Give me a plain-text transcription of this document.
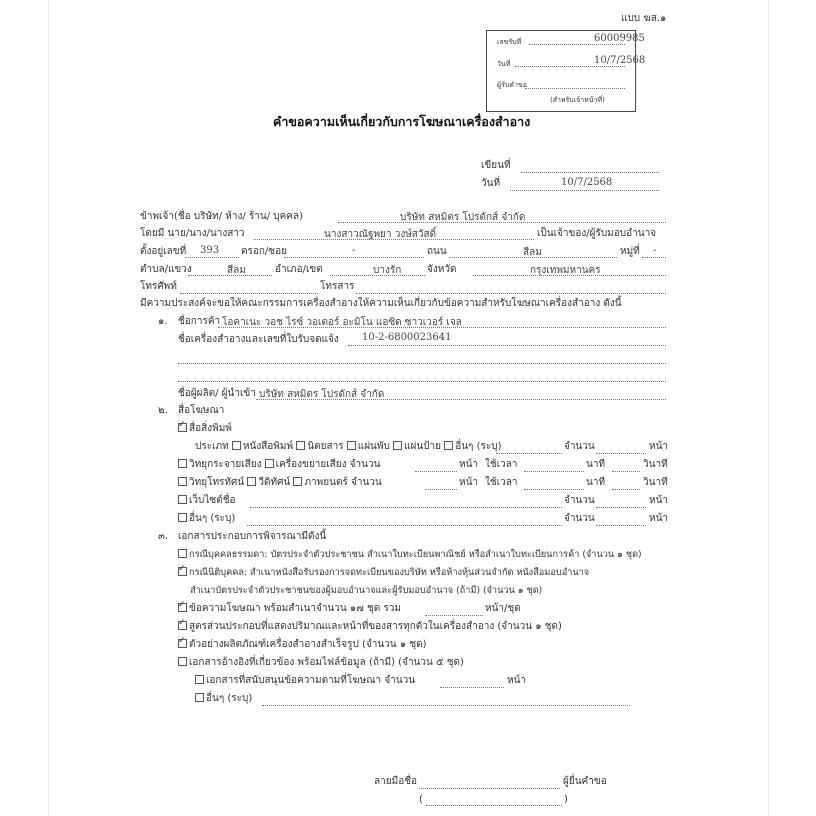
แบบ ฆส.๑
เลขรับที่	60009985
วันที่	10/7/2568
ผู้รับคำขอ
(สำหรับเจ้าหน้าที่)
คำขอความเห็นเกี่ยวกับการโฆษณาเครื่องสำอาง
เขียนที่
วันที่	10/7/2568
ข้าพเจ้า(ชื่อ บริษัท/ ห้าง/ ร้าน/ บุคคล)	บริษัท สหมิตร โปรดักส์ จำกัด
โดยมี นาย/นาง/นางสาว	นางสาวณัฐพยา วงษ์สวัสดิ์	เป็นเจ้าของ/ผู้รับมอบอำนาจ
ตั้งอยู่เลขที่ 393 ตรอก/ซอย	-	ถนน	สีลม	หมู่ที่ -
ตำบล/แขวง	สีลม	อำเภอ/เขต	บางรัก	จังหวัด	กรุงเทพมหานคร
โทรศัพท์	โทรสาร
มีความประสงค์จะขอให้คณะกรรมการเครื่องสำอางให้ความเห็นเกี่ยวกับข้อความสำหรับโฆษณาเครื่องสำอาง ดังนี้
๑. ชื่อการค้า โอคาเนะ วอช ไรซ์ วอเตอร์ อะมิโน แอซิด ซาวเวอร์ เจล
ชื่อเครื่องสำอางและเลขที่ใบรับจดแจ้ง 10-2-6800023641
ชื่อผู้ผลิต/ ผู้นำเข้า บริษัท สหมิตร โปรดักส์ จำกัด
๒. สื่อโฆษณา
✓สื่อสิ่งพิมพ์
ประเภท หนังสือพิมพ์ นิตยสาร แผ่นพับ แผ่นป้าย อื่นๆ (ระบุ)	จำนวน	หน้า
วิทยุกระจายเสียง เครื่องขยายเสียง จำนวน	หน้า ใช้เวลา	นาที	วินาที
วิทยุโทรทัศน์ วีดิทัศน์ ภาพยนตร์ จำนวน	หน้า ใช้เวลา	นาที	วินาที
เว็บไซต์ชื่อ	จำนวน	หน้า
อื่นๆ (ระบุ)	จำนวน	หน้า
๓. เอกสารประกอบการพิจารณามีดังนี้
กรณีบุคคลธรรมดา: บัตรประจำตัวประชาชน สำเนาใบทะเบียนพาณิชย์ หรือสำเนาใบทะเบียนการค้า (จำนวน ๑ ชุด)
✓กรณีนิติบุคคล: สำเนาหนังสือรับรองการจดทะเบียนของบริษัท หรือห้างหุ้นส่วนจำกัด หนังสือมอบอำนาจ
สำเนาบัตรประจำตัวประชาชนของผู้มอบอำนาจและผู้รับมอบอำนาจ (ถ้ามี) (จำนวน ๑ ชุด)
✓ข้อความโฆษณา พร้อมสำเนาจำนวน ๑๗ ชุด รวม	หน้า/ชุด
✓สูตรส่วนประกอบที่แสดงปริมาณและหน้าที่ของสารทุกตัวในเครื่องสำอาง (จำนวน ๑ ชุด)
✓ตัวอย่างผลิตภัณฑ์เครื่องสำอางสำเร็จรูป (จำนวน ๑ ชุด)
เอกสารอ้างอิงที่เกี่ยวข้อง พร้อมไฟล์ข้อมูล (ถ้ามี) (จำนวน ๕ ชุด)
เอกสารที่สนับสนุนข้อความตามที่โฆษณา จำนวน	หน้า
อื่นๆ (ระบุ)
ลายมือชื่อ	ผู้ยื่นคำขอ
(	)
